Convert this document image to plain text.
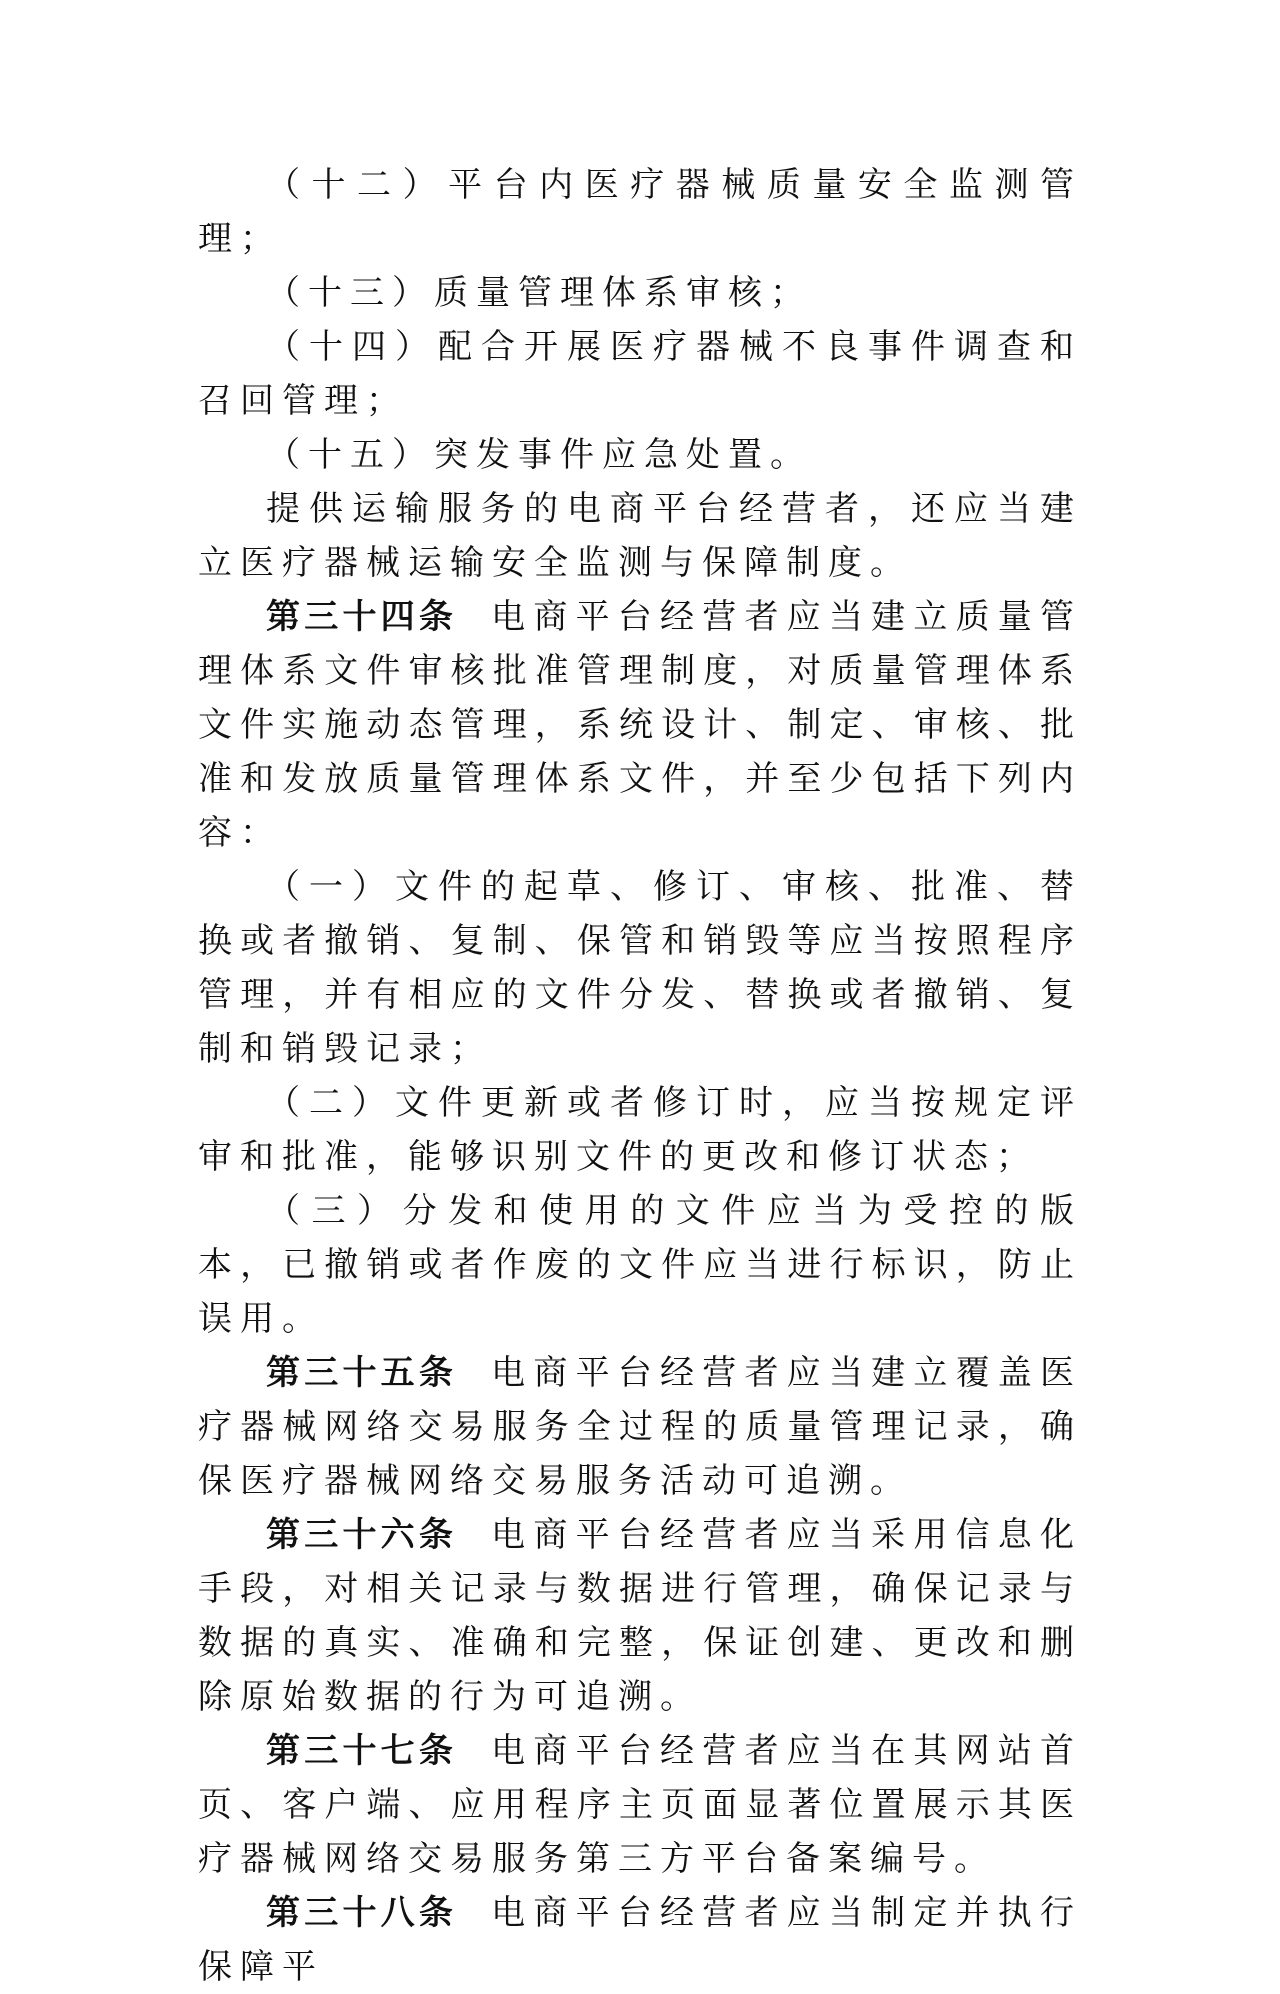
（十二）平台内医疗器械质量安全监测管理；

（十三）质量管理体系审核；

（十四）配合开展医疗器械不良事件调查和召回管理；

（十五）突发事件应急处置。

提供运输服务的电商平台经营者，还应当建立医疗器械运输安全监测与保障制度。

第三十四条 电商平台经营者应当建立质量管理体系文件审核批准管理制度，对质量管理体系文件实施动态管理，系统设计、制定、审核、批准和发放质量管理体系文件，并至少包括下列内容：

（一）文件的起草、修订、审核、批准、替换或者撤销、复制、保管和销毁等应当按照程序管理，并有相应的文件分发、替换或者撤销、复制和销毁记录；

（二）文件更新或者修订时，应当按规定评审和批准，能够识别文件的更改和修订状态；

（三）分发和使用的文件应当为受控的版本，已撤销或者作废的文件应当进行标识，防止误用。

第三十五条 电商平台经营者应当建立覆盖医疗器械网络交易服务全过程的质量管理记录，确保医疗器械网络交易服务活动可追溯。

第三十六条 电商平台经营者应当采用信息化手段，对相关记录与数据进行管理，确保记录与数据的真实、准确和完整，保证创建、更改和删除原始数据的行为可追溯。

第三十七条 电商平台经营者应当在其网站首页、客户端、应用程序主页面显著位置展示其医疗器械网络交易服务第三方平台备案编号。

第三十八条 电商平台经营者应当制定并执行保障平
